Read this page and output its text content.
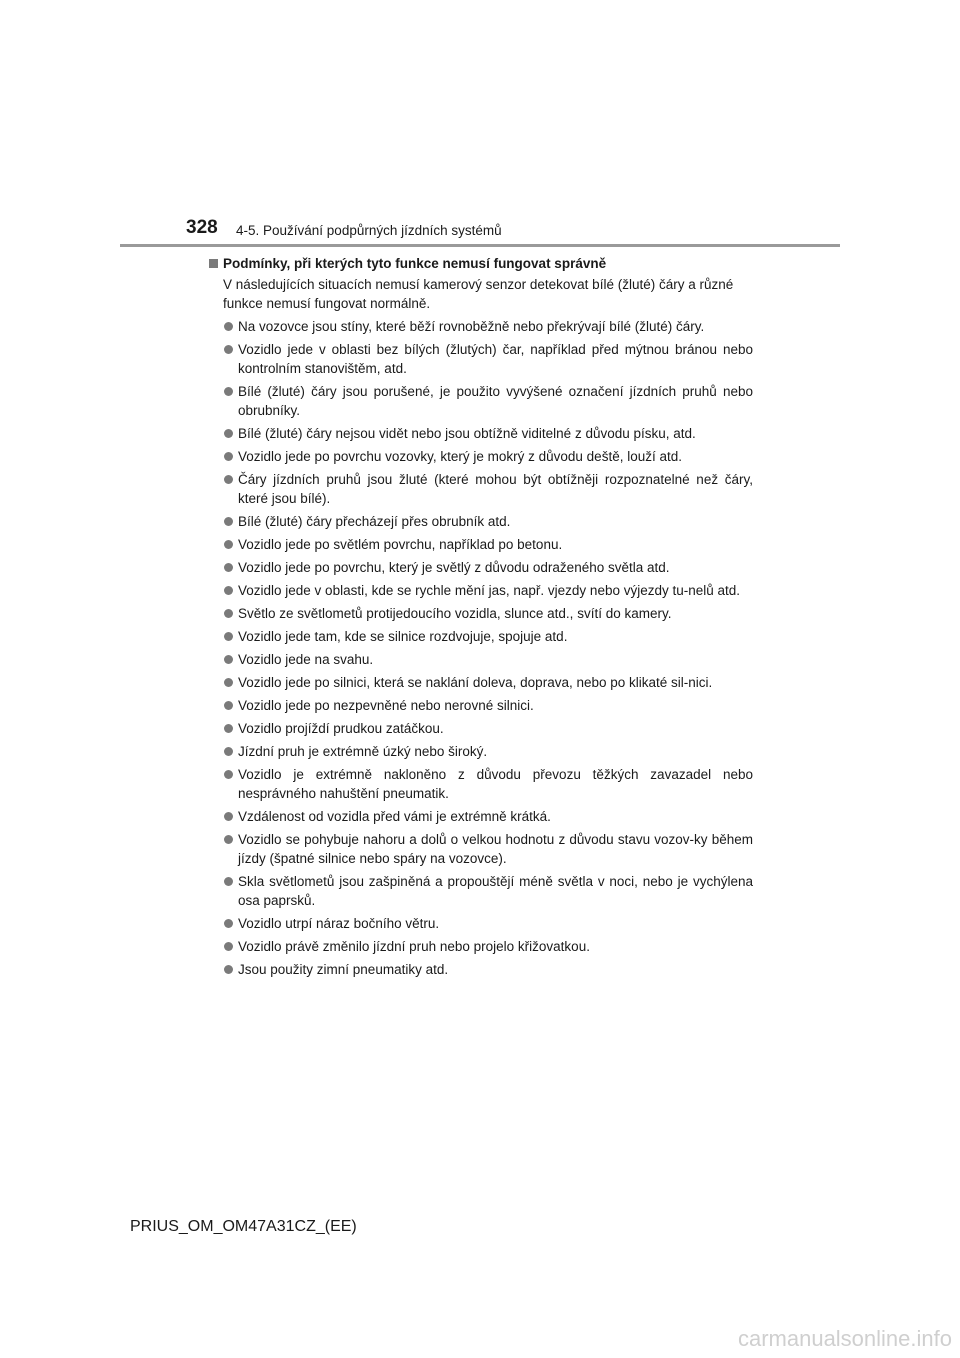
328 4-5. Používání podpůrných jízdních systémů
Podmínky, při kterých tyto funkce nemusí fungovat správně
V následujících situacích nemusí kamerový senzor detekovat bílé (žluté) čáry a různé funkce nemusí fungovat normálně.
Na vozovce jsou stíny, které běží rovnoběžně nebo překrývají bílé (žluté) čáry.
Vozidlo jede v oblasti bez bílých (žlutých) čar, například před mýtnou bránou nebo kontrolním stanovištěm, atd.
Bílé (žluté) čáry jsou porušené, je použito vyvýšené označení jízdních pruhů nebo obrubníky.
Bílé (žluté) čáry nejsou vidět nebo jsou obtížně viditelné z důvodu písku, atd.
Vozidlo jede po povrchu vozovky, který je mokrý z důvodu deště, louží atd.
Čáry jízdních pruhů jsou žluté (které mohou být obtížněji rozpoznatelné než čáry, které jsou bílé).
Bílé (žluté) čáry přecházejí přes obrubník atd.
Vozidlo jede po světlém povrchu, například po betonu.
Vozidlo jede po povrchu, který je světlý z důvodu odraženého světla atd.
Vozidlo jede v oblasti, kde se rychle mění jas, např. vjezdy nebo výjezdy tu-nelů atd.
Světlo ze světlometů protijedoucího vozidla, slunce atd., svítí do kamery.
Vozidlo jede tam, kde se silnice rozdvojuje, spojuje atd.
Vozidlo jede na svahu.
Vozidlo jede po silnici, která se naklání doleva, doprava, nebo po klikaté sil-nici.
Vozidlo jede po nezpevněné nebo nerovné silnici.
Vozidlo projíždí prudkou zatáčkou.
Jízdní pruh je extrémně úzký nebo široký.
Vozidlo je extrémně nakloněno z důvodu převozu těžkých zavazadel nebo nesprávného nahuštění pneumatik.
Vzdálenost od vozidla před vámi je extrémně krátká.
Vozidlo se pohybuje nahoru a dolů o velkou hodnotu z důvodu stavu vozov-ky během jízdy (špatné silnice nebo spáry na vozovce).
Skla světlometů jsou zašpiněná a propouštějí méně světla v noci, nebo je vychýlena osa paprsků.
Vozidlo utrpí náraz bočního větru.
Vozidlo právě změnilo jízdní pruh nebo projelo křižovatkou.
Jsou použity zimní pneumatiky atd.
PRIUS_OM_OM47A31CZ_(EE)
carmanualsonline.info
